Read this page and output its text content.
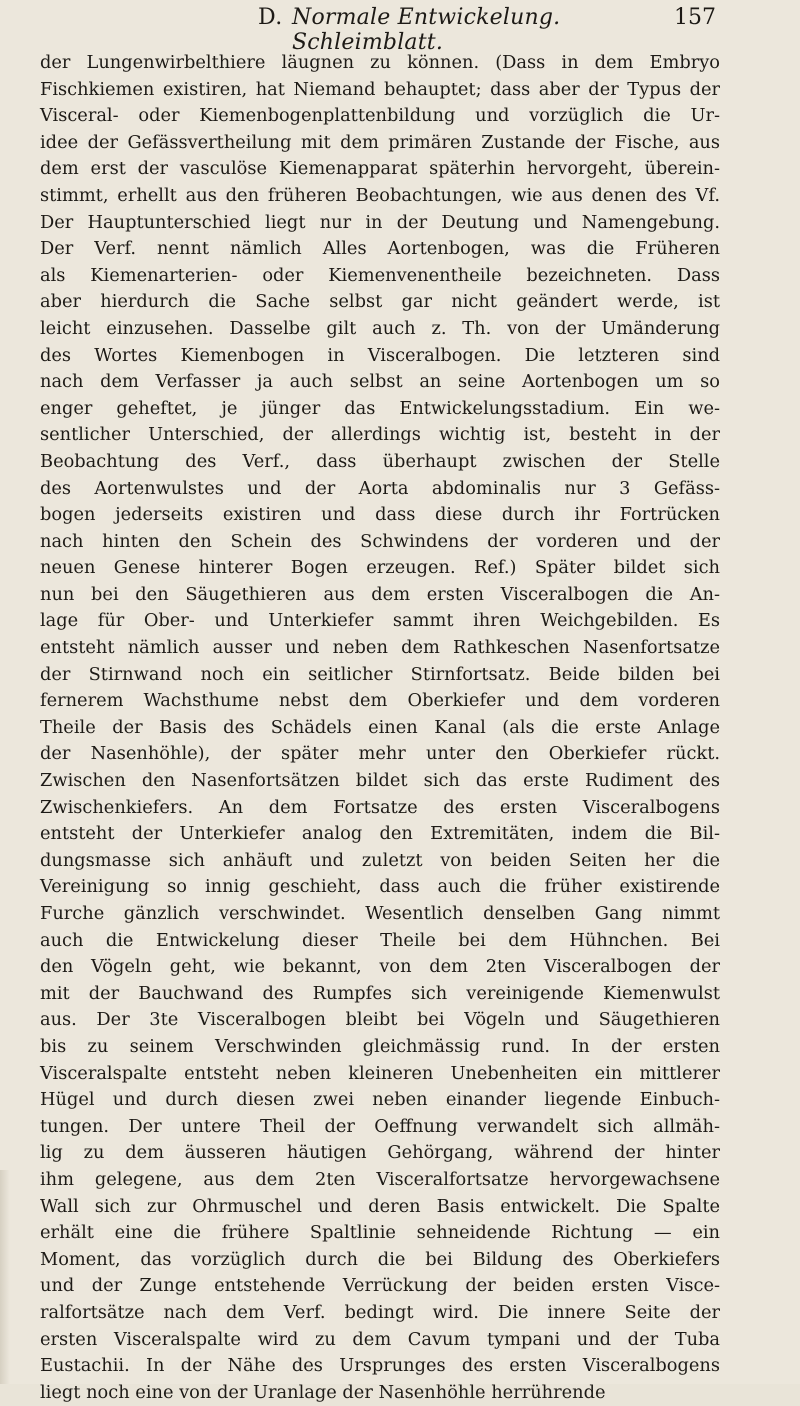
D. Normale Entwickelung. Schleimblatt.
157
der Lungenwirbelthiere läugnen zu können. (Dass in dem Embryo
Fischkiemen existiren, hat Niemand behauptet; dass aber der Typus der
Visceral- oder Kiemenbogenplattenbildung und vorzüglich die Ur-
idee der Gefässvertheilung mit dem primären Zustande der Fische, aus
dem erst der vasculöse Kiemenapparat späterhin hervorgeht, überein-
stimmt, erhellt aus den früheren Beobachtungen, wie aus denen des Vf.
Der Hauptunterschied liegt nur in der Deutung und Namengebung.
Der Verf. nennt nämlich Alles Aortenbogen, was die Früheren
als Kiemenarterien- oder Kiemenvenentheile bezeichneten. Dass
aber hierdurch die Sache selbst gar nicht geändert werde, ist
leicht einzusehen. Dasselbe gilt auch z. Th. von der Umänderung
des Wortes Kiemenbogen in Visceralbogen. Die letzteren sind
nach dem Verfasser ja auch selbst an seine Aortenbogen um so
enger geheftet, je jünger das Entwickelungsstadium. Ein we-
sentlicher Unterschied, der allerdings wichtig ist, besteht in der
Beobachtung des Verf., dass überhaupt zwischen der Stelle
des Aortenwulstes und der Aorta abdominalis nur 3 Gefäss-
bogen jederseits existiren und dass diese durch ihr Fortrücken
nach hinten den Schein des Schwindens der vorderen und der
neuen Genese hinterer Bogen erzeugen. Ref.) Später bildet sich
nun bei den Säugethieren aus dem ersten Visceralbogen die An-
lage für Ober- und Unterkiefer sammt ihren Weichgebilden. Es
entsteht nämlich ausser und neben dem Rathkeschen Nasenfortsatze
der Stirnwand noch ein seitlicher Stirnfortsatz. Beide bilden bei
fernerem Wachsthume nebst dem Oberkiefer und dem vorderen
Theile der Basis des Schädels einen Kanal (als die erste Anlage
der Nasenhöhle), der später mehr unter den Oberkiefer rückt.
Zwischen den Nasenfortsätzen bildet sich das erste Rudiment des
Zwischenkiefers. An dem Fortsatze des ersten Visceralbogens
entsteht der Unterkiefer analog den Extremitäten, indem die Bil-
dungsmasse sich anhäuft und zuletzt von beiden Seiten her die
Vereinigung so innig geschieht, dass auch die früher existirende
Furche gänzlich verschwindet. Wesentlich denselben Gang nimmt
auch die Entwickelung dieser Theile bei dem Hühnchen. Bei
den Vögeln geht, wie bekannt, von dem 2ten Visceralbogen der
mit der Bauchwand des Rumpfes sich vereinigende Kiemenwulst
aus. Der 3te Visceralbogen bleibt bei Vögeln und Säugethieren
bis zu seinem Verschwinden gleichmässig rund. In der ersten
Visceralspalte entsteht neben kleineren Unebenheiten ein mittlerer
Hügel und durch diesen zwei neben einander liegende Einbuch-
tungen. Der untere Theil der Oeffnung verwandelt sich allmäh-
lig zu dem äusseren häutigen Gehörgang, während der hinter
ihm gelegene, aus dem 2ten Visceralfortsatze hervorgewachsene
Wall sich zur Ohrmuschel und deren Basis entwickelt. Die Spalte
erhält eine die frühere Spaltlinie sehneidende Richtung — ein
Moment, das vorzüglich durch die bei Bildung des Oberkiefers
und der Zunge entstehende Verrückung der beiden ersten Visce-
ralfortsätze nach dem Verf. bedingt wird. Die innere Seite der
ersten Visceralspalte wird zu dem Cavum tympani und der Tuba
Eustachii. In der Nähe des Ursprunges des ersten Visceralbogens
liegt noch eine von der Uranlage der Nasenhöhle herrührende
